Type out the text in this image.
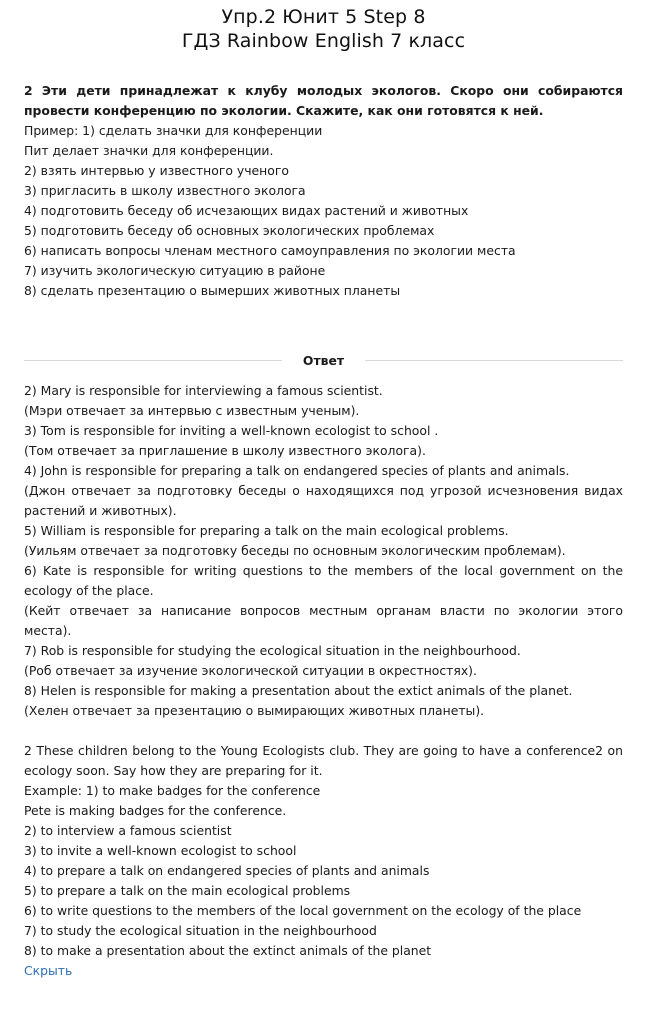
Упр.2 Юнит 5 Step 8
ГДЗ Rainbow English 7 класс
2 Эти дети принадлежат к клубу молодых экологов. Скоро они собираются провести конференцию по экологии. Скажите, как они готовятся к ней.
Пример: 1) сделать значки для конференции
Пит делает значки для конференции.
2) взять интервью у известного ученого
3) пригласить в школу известного эколога
4) подготовить беседу об исчезающих видах растений и животных
5) подготовить беседу об основных экологических проблемах
6) написать вопросы членам местного самоуправления по экологии места
7) изучить экологическую ситуацию в районе
8) сделать презентацию о вымерших животных планеты
Ответ

2) Mary is responsible for interviewing a famous scientist.

(Мэри отвечает за интервью с известным ученым).

3) Tom is responsible for inviting a well-known ecologist to school .

(Том отвечает за приглашение в школу известного эколога).

4) John is responsible for preparing a talk on endangered species of plants and animals.

(Джон отвечает за подготовку беседы о находящихся под угрозой исчезновения видах растений и животных).

5) William is responsible for preparing a talk on the main ecological problems.

(Уильям отвечает за подготовку беседы по основным экологическим проблемам).

6) Kate is responsible for writing questions to the members of the local government on the ecology of the place.

(Кейт отвечает за написание вопросов местным органам власти по экологии этого места).

7) Rob is responsible for studying the ecological situation in the neighbourhood.

(Роб отвечает за изучение экологической ситуации в окрестностях).

8) Helen is responsible for making a presentation about the extict animals of the planet.

(Хелен отвечает за презентацию о вымирающих животных планеты).

2 These children belong to the Young Ecologists club. They are going to have a conference2 on ecology soon. Say how they are preparing for it.

Example: 1) to make badges for the conference

Pete is making badges for the conference.

2) to interview a famous scientist

3) to invite a well-known ecologist to school

4) to prepare a talk on endangered species of plants and animals

5) to prepare a talk on the main ecological problems

6) to write questions to the members of the local government on the ecology of the place

7) to study the ecological situation in the neighbourhood

8) to make a presentation about the extinct animals of the planet

Скрыть
